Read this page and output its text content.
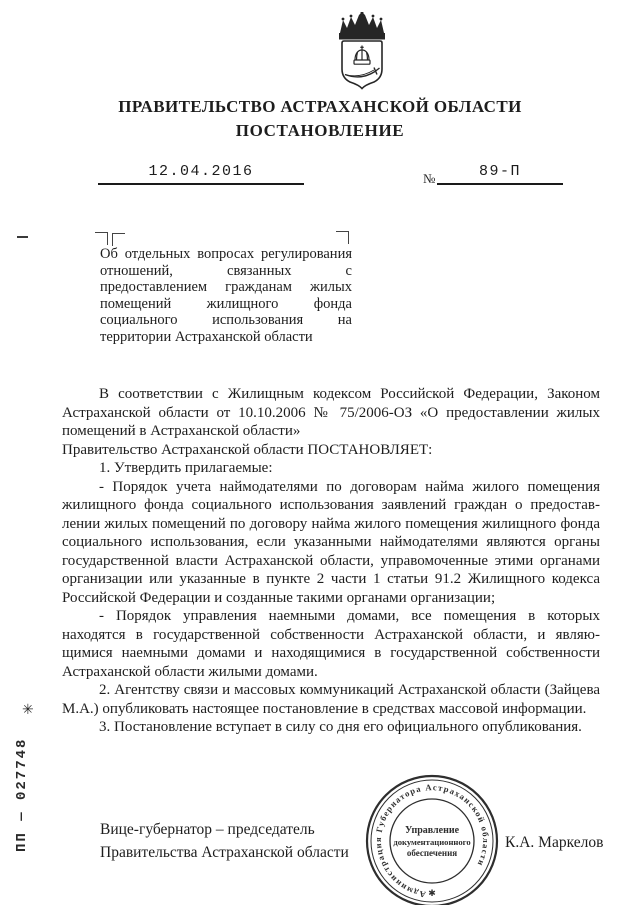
ПРАВИТЕЛЬСТВО АСТРАХАНСКОЙ ОБЛАСТИ
ПОСТАНОВЛЕНИЕ
12.04.2016	№	89-П
Об отдельных вопросах регулирования отношений, связанных с предоставлением гражданам жилых помещений жилищного фонда социального использования на территории Астраханской области

В соответствии с Жилищным кодексом Российской Федерации, Законом Астраханской области от 10.10.2006 № 75/2006-ОЗ «О предоставлении жилых помещений в Астраханской области»

Правительство Астраханской области ПОСТАНОВЛЯЕТ:

1. Утвердить прилагаемые:

- Порядок учета наймодателями по договорам найма жилого помещения жилищного фонда социального использования заявлений граждан о предоставлении жилых помещений по договору найма жилого помещения жилищного фонда социального использования, если указанными наймодателями являются органы государственной власти Астраханской области, управомоченные этими органами организации или указанные в пункте 2 части 1 статьи 91.2 Жилищного кодекса Российской Федерации и созданные такими органами организации;

- Порядок управления наемными домами, все помещения в которых находятся в государственной собственности Астраханской области, и являющимися наемными домами и находящимися в государственной собственности Астраханской области жилыми домами.

2. Агентству связи и массовых коммуникаций Астраханской области (Зайцева М.А.) опубликовать настоящее постановление в средствах массовой информации.

3. Постановление вступает в силу со дня его официального опубликования.

Вице-губернатор – председатель
Правительства Астраханской области
К.А. Маркелов
Администрация Губернатора Астраханской области
✱
Управление
документационного
обеспечения
✳
ПП — 027748
